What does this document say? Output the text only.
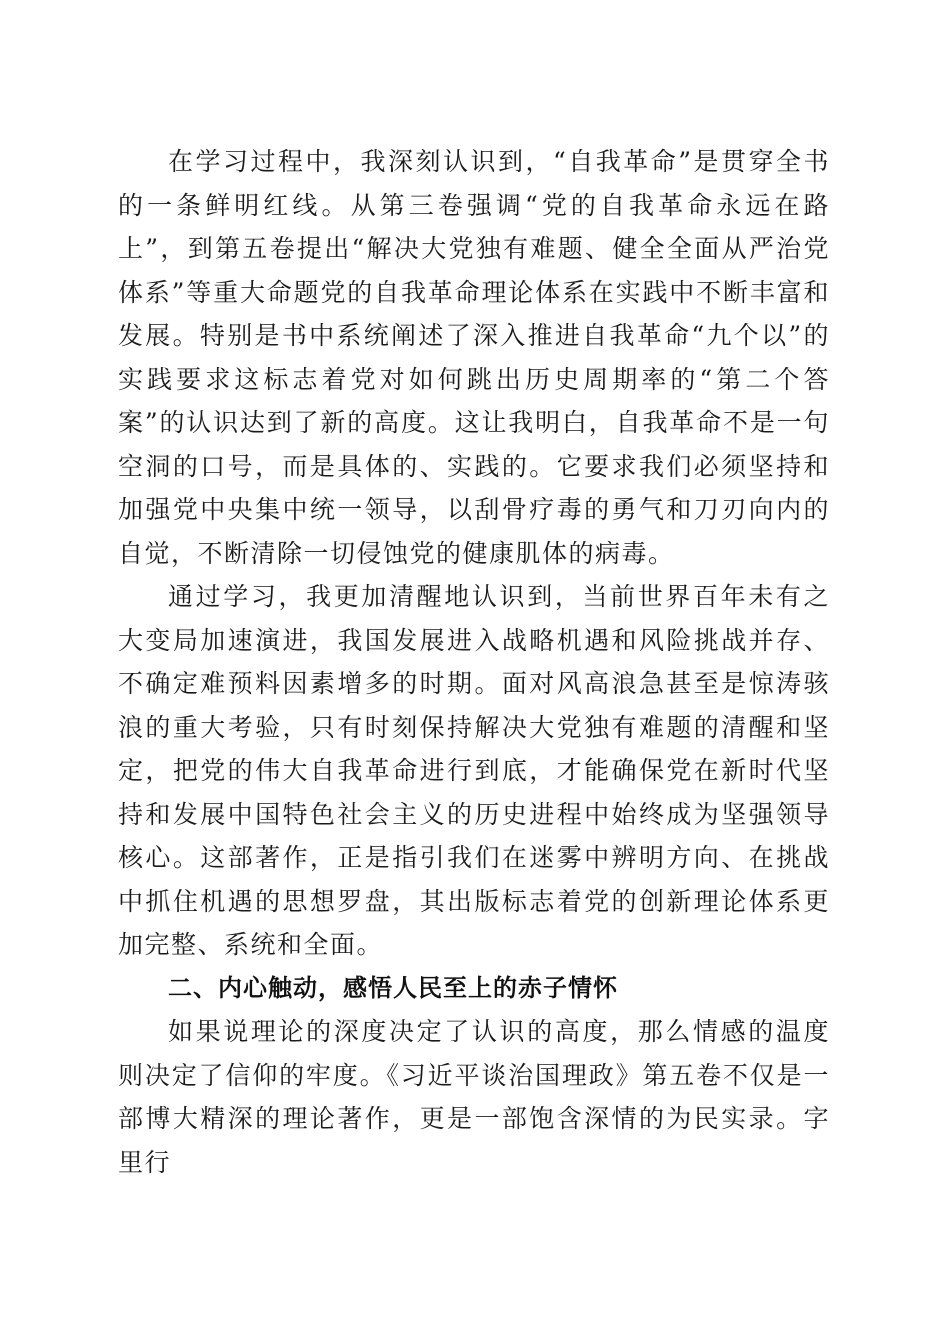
在学习过程中，我深刻认识到，“自我革命”是贯穿全书的一条鲜明红线。从第三卷强调“党的自我革命永远在路上”，到第五卷提出“解决大党独有难题、健全全面从严治党体系”等重大命题党的自我革命理论体系在实践中不断丰富和发展。特别是书中系统阐述了深入推进自我革命“九个以”的实践要求这标志着党对如何跳出历史周期率的“第二个答案”的认识达到了新的高度。这让我明白，自我革命不是一句空洞的口号，而是具体的、实践的。它要求我们必须坚持和加强党中央集中统一领导，以刮骨疗毒的勇气和刀刃向内的自觉，不断清除一切侵蚀党的健康肌体的病毒。

通过学习，我更加清醒地认识到，当前世界百年未有之大变局加速演进，我国发展进入战略机遇和风险挑战并存、不确定难预料因素增多的时期。面对风高浪急甚至是惊涛骇浪的重大考验，只有时刻保持解决大党独有难题的清醒和坚定，把党的伟大自我革命进行到底，才能确保党在新时代坚持和发展中国特色社会主义的历史进程中始终成为坚强领导核心。这部著作，正是指引我们在迷雾中辨明方向、在挑战中抓住机遇的思想罗盘，其出版标志着党的创新理论体系更加完整、系统和全面。

二、内心触动，感悟人民至上的赤子情怀

如果说理论的深度决定了认识的高度，那么情感的温度则决定了信仰的牢度。《习近平谈治国理政》第五卷不仅是一部博大精深的理论著作，更是一部饱含深情的为民实录。字里行
